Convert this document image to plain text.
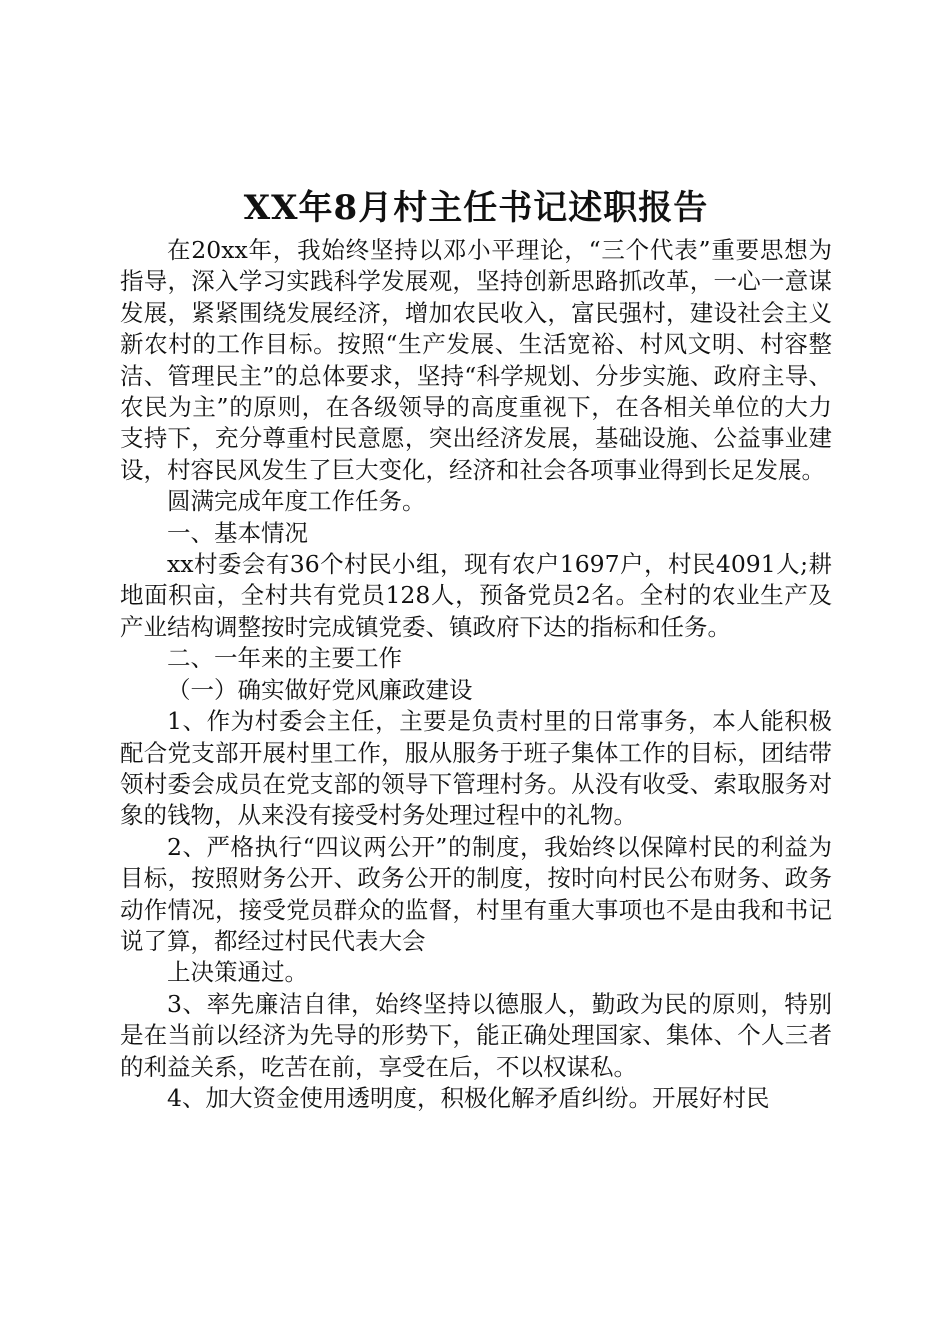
XX年8月村主任书记述职报告

在20xx年，我始终坚持以邓小平理论，“三个代表”重要思想为指导，深入学习实践科学发展观，坚持创新思路抓改革，一心一意谋发展，紧紧围绕发展经济，增加农民收入，富民强村，建设社会主义新农村的工作目标。按照“生产发展、生活宽裕、村风文明、村容整洁、管理民主”的总体要求，坚持“科学规划、分步实施、政府主导、农民为主”的原则，在各级领导的高度重视下，在各相关单位的大力支持下，充分尊重村民意愿，突出经济发展，基础设施、公益事业建设，村容民风发生了巨大变化，经济和社会各项事业得到长足发展。

圆满完成年度工作任务。

一、基本情况

xx村委会有36个村民小组，现有农户1697户，村民4091人;耕地面积亩，全村共有党员128人，预备党员2名。全村的农业生产及产业结构调整按时完成镇党委、镇政府下达的指标和任务。

二、一年来的主要工作

（一）确实做好党风廉政建设

1、作为村委会主任，主要是负责村里的日常事务，本人能积极配合党支部开展村里工作，服从服务于班子集体工作的目标，团结带领村委会成员在党支部的领导下管理村务。从没有收受、索取服务对象的钱物，从来没有接受村务处理过程中的礼物。

2、严格执行“四议两公开”的制度，我始终以保障村民的利益为目标，按照财务公开、政务公开的制度，按时向村民公布财务、政务动作情况，接受党员群众的监督，村里有重大事项也不是由我和书记说了算，都经过村民代表大会

上决策通过。

3、率先廉洁自律，始终坚持以德服人，勤政为民的原则，特别是在当前以经济为先导的形势下，能正确处理国家、集体、个人三者的利益关系，吃苦在前，享受在后，不以权谋私。

4、加大资金使用透明度，积极化解矛盾纠纷。开展好村民
